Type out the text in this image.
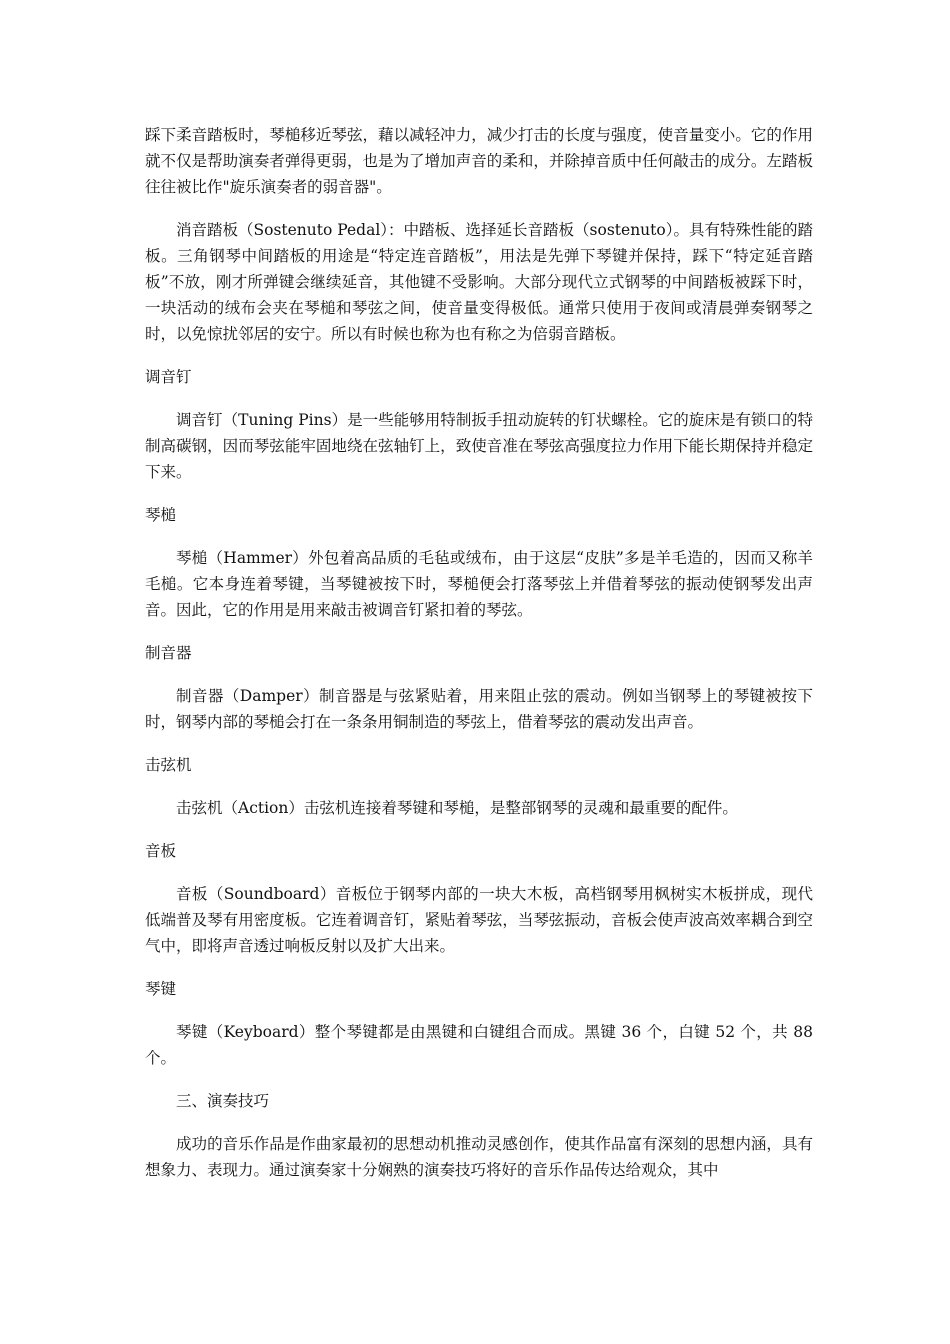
踩下柔音踏板时，琴槌移近琴弦，藉以减轻冲力，减少打击的长度与强度，使音量变小。它的作用就不仅是帮助演奏者弹得更弱，也是为了增加声音的柔和，并除掉音质中任何敲击的成分。左踏板往往被比作"旋乐演奏者的弱音器"。

消音踏板（Sostenuto Pedal）：中踏板、选择延长音踏板（sostenuto）。具有特殊性能的踏板。三角钢琴中间踏板的用途是“特定连音踏板”，用法是先弹下琴键并保持，踩下“特定延音踏板”不放，刚才所弹键会继续延音，其他键不受影响。大部分现代立式钢琴的中间踏板被踩下时，一块活动的绒布会夹在琴槌和琴弦之间，使音量变得极低。通常只使用于夜间或清晨弹奏钢琴之时，以免惊扰邻居的安宁。所以有时候也称为也有称之为倍弱音踏板。

调音钉

调音钉（Tuning Pins）是一些能够用特制扳手扭动旋转的钉状螺栓。它的旋床是有锁口的特制高碳钢，因而琴弦能牢固地绕在弦轴钉上，致使音准在琴弦高强度拉力作用下能长期保持并稳定下来。

琴槌

琴槌（Hammer）外包着高品质的毛毡或绒布，由于这层“皮肤”多是羊毛造的，因而又称羊毛槌。它本身连着琴键，当琴键被按下时，琴槌便会打落琴弦上并借着琴弦的振动使钢琴发出声音。因此，它的作用是用来敲击被调音钉紧扣着的琴弦。

制音器

制音器（Damper）制音器是与弦紧贴着，用来阻止弦的震动。例如当钢琴上的琴键被按下时，钢琴内部的琴槌会打在一条条用铜制造的琴弦上，借着琴弦的震动发出声音。

击弦机

击弦机（Action）击弦机连接着琴键和琴槌，是整部钢琴的灵魂和最重要的配件。

音板

音板（Soundboard）音板位于钢琴内部的一块大木板，高档钢琴用枫树实木板拼成，现代低端普及琴有用密度板。它连着调音钉，紧贴着琴弦，当琴弦振动，音板会使声波高效率耦合到空气中，即将声音透过响板反射以及扩大出来。

琴键

琴键（Keyboard）整个琴键都是由黑键和白键组合而成。黑键 36 个，白键 52 个，共 88 个。

三、演奏技巧

成功的音乐作品是作曲家最初的思想动机推动灵感创作，使其作品富有深刻的思想内涵，具有想象力、表现力。通过演奏家十分娴熟的演奏技巧将好的音乐作品传达给观众，其中
